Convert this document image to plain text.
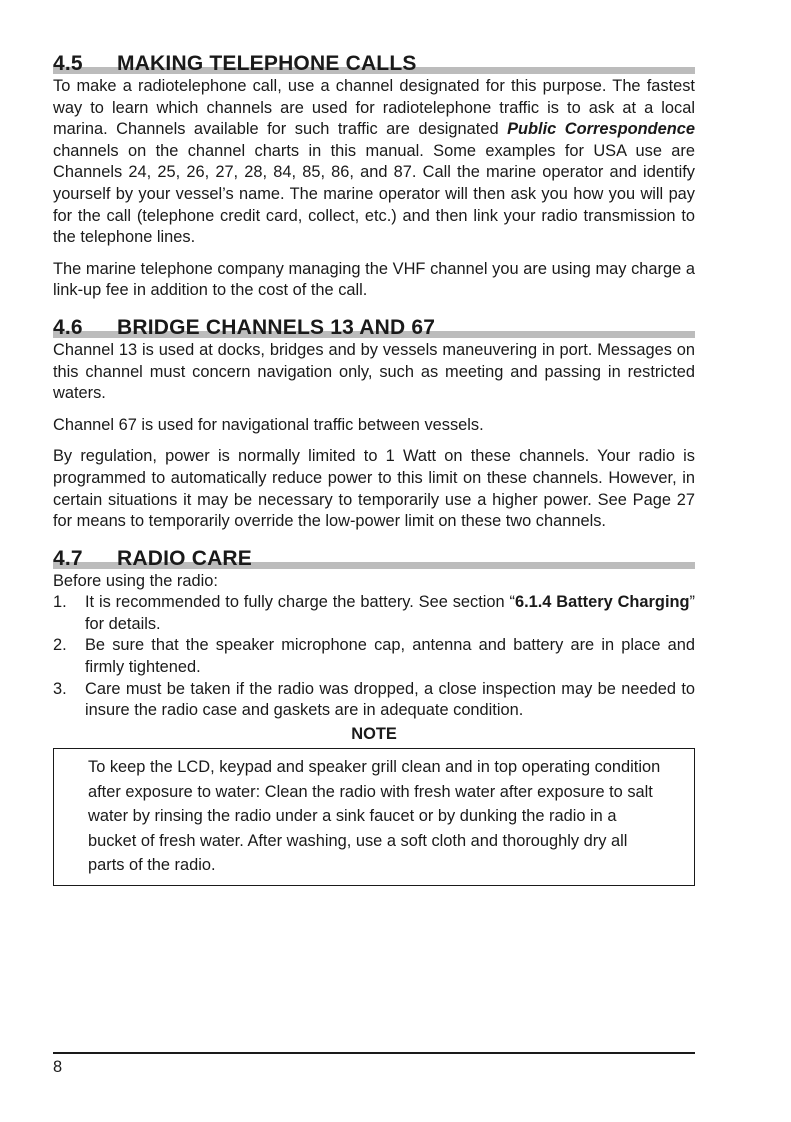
4.5 MAKING TELEPHONE CALLS

To make a radiotelephone call, use a channel designated for this purpose. The fastest way to learn which channels are used for radiotelephone traffic is to ask at a local marina. Channels available for such traffic are designated Public Correspondence channels on the channel charts in this manual. Some examples for USA use are Channels 24, 25, 26, 27, 28, 84, 85, 86, and 87. Call the marine operator and identify yourself by your vessel’s name. The marine operator will then ask you how you will pay for the call (telephone credit card, collect, etc.) and then link your radio transmission to the telephone lines.

The marine telephone company managing the VHF channel you are using may charge a link-up fee in addition to the cost of the call.

4.6 BRIDGE CHANNELS 13 AND 67

Channel 13 is used at docks, bridges and by vessels maneuvering in port. Messages on this channel must concern navigation only, such as meeting and passing in restricted waters.

Channel 67 is used for navigational traffic between vessels.

By regulation, power is normally limited to 1 Watt on these channels. Your radio is programmed to automatically reduce power to this limit on these channels. However, in certain situations it may be necessary to temporarily use a higher power. See Page 27 for means to temporarily override the low-power limit on these two channels.

4.7 RADIO CARE

Before using the radio:

1. It is recommended to fully charge the battery. See section “6.1.4 Battery Charging” for details.
2. Be sure that the speaker microphone cap, antenna and battery are in place and firmly tightened.
3. Care must be taken if the radio was dropped, a close inspection may be needed to insure the radio case and gaskets are in adequate condition.
NOTE
To keep the LCD, keypad and speaker grill clean and in top operating condition after exposure to water: Clean the radio with fresh water after exposure to salt water by rinsing the radio under a sink faucet or by dunking the radio in a bucket of fresh water. After washing, use a soft cloth and thoroughly dry all parts of the radio.
8
